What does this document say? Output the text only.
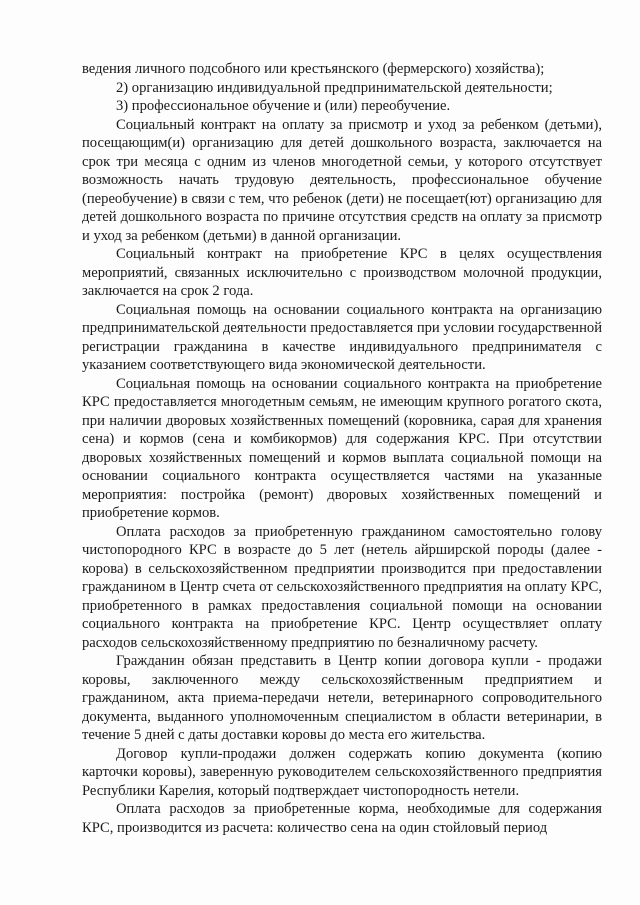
ведения личного подсобного или крестьянского (фермерского) хозяйства);

2) организацию индивидуальной предпринимательской деятельности;

3) профессиональное обучение и (или) переобучение.

Социальный контракт на оплату за присмотр и уход за ребенком (детьми), посещающим(и) организацию для детей дошкольного возраста, заключается на срок три месяца с одним из членов многодетной семьи, у которого отсутствует возможность начать трудовую деятельность, профессиональное обучение (переобучение) в связи с тем, что ребенок (дети) не посещает(ют) организацию для детей дошкольного возраста по причине отсутствия средств на оплату за присмотр и уход за ребенком (детьми) в данной организации.

Социальный контракт на приобретение КРС в целях осуществления мероприятий, связанных исключительно с производством молочной продукции, заключается на срок 2 года.

Социальная помощь на основании социального контракта на организацию предпринимательской деятельности предоставляется при условии государственной регистрации гражданина в качестве индивидуального предпринимателя с указанием соответствующего вида экономической деятельности.

Социальная помощь на основании социального контракта на приобретение КРС предоставляется многодетным семьям, не имеющим крупного рогатого скота, при наличии дворовых хозяйственных помещений (коровника, сарая для хранения сена) и кормов (сена и комбикормов) для содержания КРС. При отсутствии дворовых хозяйственных помещений и кормов выплата социальной помощи на основании социального контракта осуществляется частями на указанные мероприятия: постройка (ремонт) дворовых хозяйственных помещений и приобретение кормов.

Оплата расходов за приобретенную гражданином самостоятельно голову чистопородного КРС в возрасте до 5 лет (нетель айрширской породы (далее - корова) в сельскохозяйственном предприятии производится при предоставлении гражданином в Центр счета от сельскохозяйственного предприятия на оплату КРС, приобретенного в рамках предоставления социальной помощи на основании социального контракта на приобретение КРС. Центр осуществляет оплату расходов сельскохозяйственному предприятию по безналичному расчету.

Гражданин обязан представить в Центр копии договора купли - продажи коровы, заключенного между сельскохозяйственным предприятием и гражданином, акта приема-передачи нетели, ветеринарного сопроводительного документа, выданного уполномоченным специалистом в области ветеринарии, в течение 5 дней с даты доставки коровы до места его жительства.

Договор купли-продажи должен содержать копию документа (копию карточки коровы), заверенную руководителем сельскохозяйственного предприятия Республики Карелия, который подтверждает чистопородность нетели.

Оплата расходов за приобретенные корма, необходимые для содержания КРС, производится из расчета: количество сена на один стойловый период
